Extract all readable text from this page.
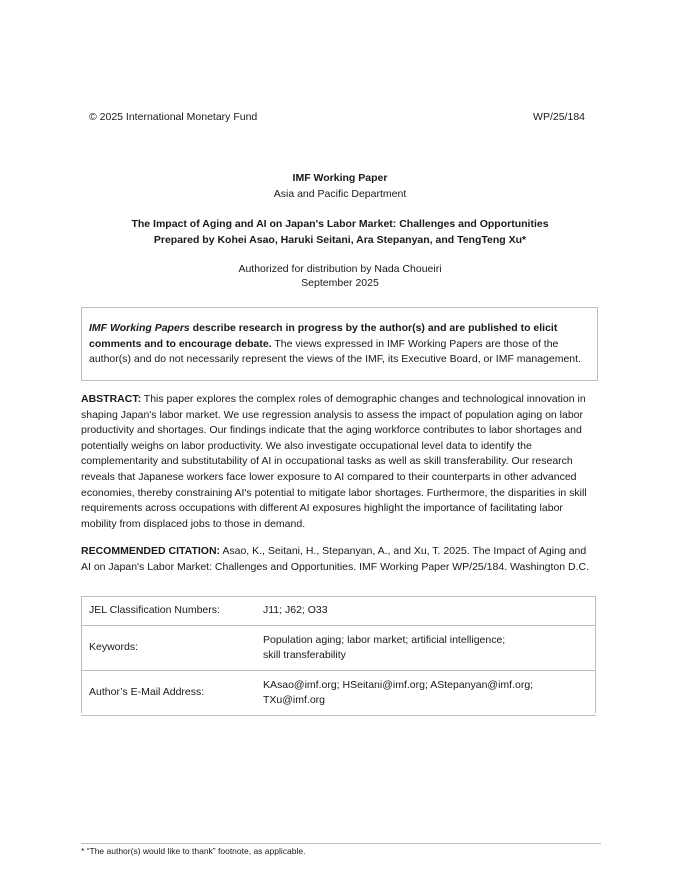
© 2025 International Monetary Fund	WP/25/184
IMF Working Paper
Asia and Pacific Department
The Impact of Aging and AI on Japan's Labor Market: Challenges and Opportunities
Prepared by Kohei Asao, Haruki Seitani, Ara Stepanyan, and TengTeng Xu*
Authorized for distribution by Nada Choueiri
September 2025
IMF Working Papers describe research in progress by the author(s) and are published to elicit comments and to encourage debate. The views expressed in IMF Working Papers are those of the author(s) and do not necessarily represent the views of the IMF, its Executive Board, or IMF management.
ABSTRACT: This paper explores the complex roles of demographic changes and technological innovation in shaping Japan's labor market. We use regression analysis to assess the impact of population aging on labor productivity and shortages. Our findings indicate that the aging workforce contributes to labor shortages and potentially weighs on labor productivity. We also investigate occupational level data to identify the complementarity and substitutability of AI in occupational tasks as well as skill transferability. Our research reveals that Japanese workers face lower exposure to AI compared to their counterparts in other advanced economies, thereby constraining AI's potential to mitigate labor shortages. Furthermore, the disparities in skill requirements across occupations with different AI exposures highlight the importance of facilitating labor mobility from displaced jobs to those in demand.
RECOMMENDED CITATION: Asao, K., Seitani, H., Stepanyan, A., and Xu, T. 2025. The Impact of Aging and AI on Japan's Labor Market: Challenges and Opportunities. IMF Working Paper WP/25/184. Washington D.C.
JEL Classification Numbers:	J11; J62; O33
Keywords:	Population aging; labor market; artificial intelligence;
skill transferability
Author’s E-Mail Address:	KAsao@imf.org; HSeitani@imf.org; AStepanyan@imf.org;
TXu@imf.org
* “The author(s) would like to thank” footnote, as applicable.
